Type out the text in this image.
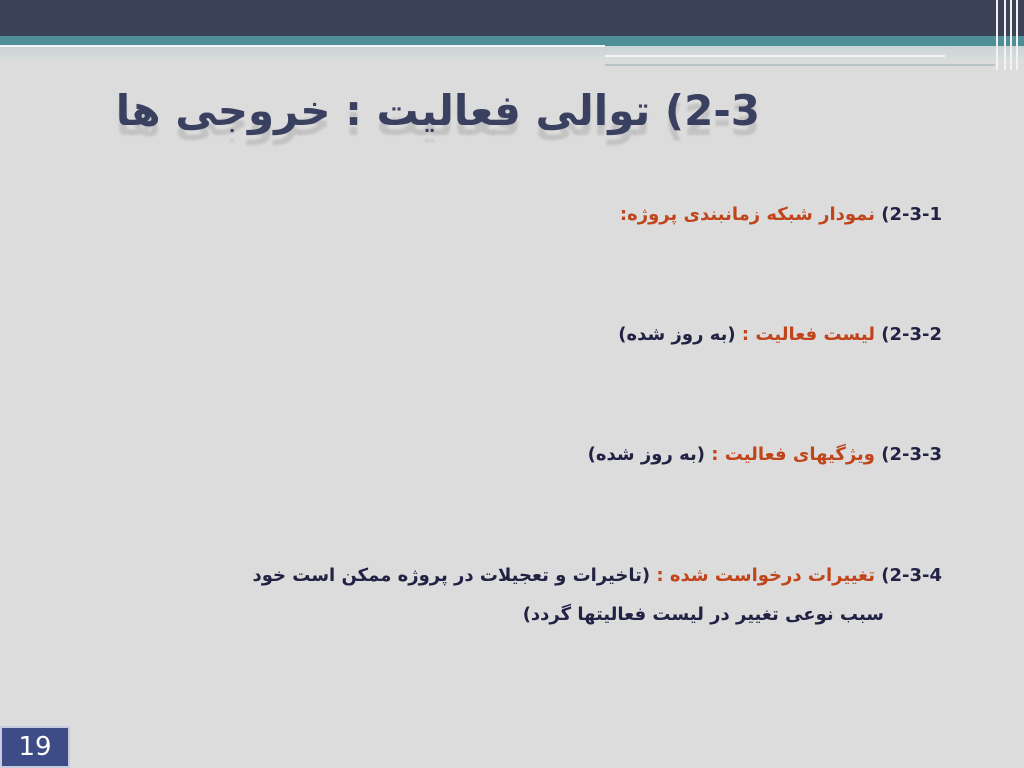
2-3) توالی فعالیت : خروجی ها
2-3-1) نمودار شبکه زمانبندی پروژه:
2-3-2) لیست فعالیت : (به روز شده)
2-3-3) ویژگیهای فعالیت : (به روز شده)
2-3-4) تغییرات درخواست شده : (تاخیرات و تعجیلات در پروژه ممکن است خود
سبب نوعی تغییر در لیست فعالیتها گردد)
19
